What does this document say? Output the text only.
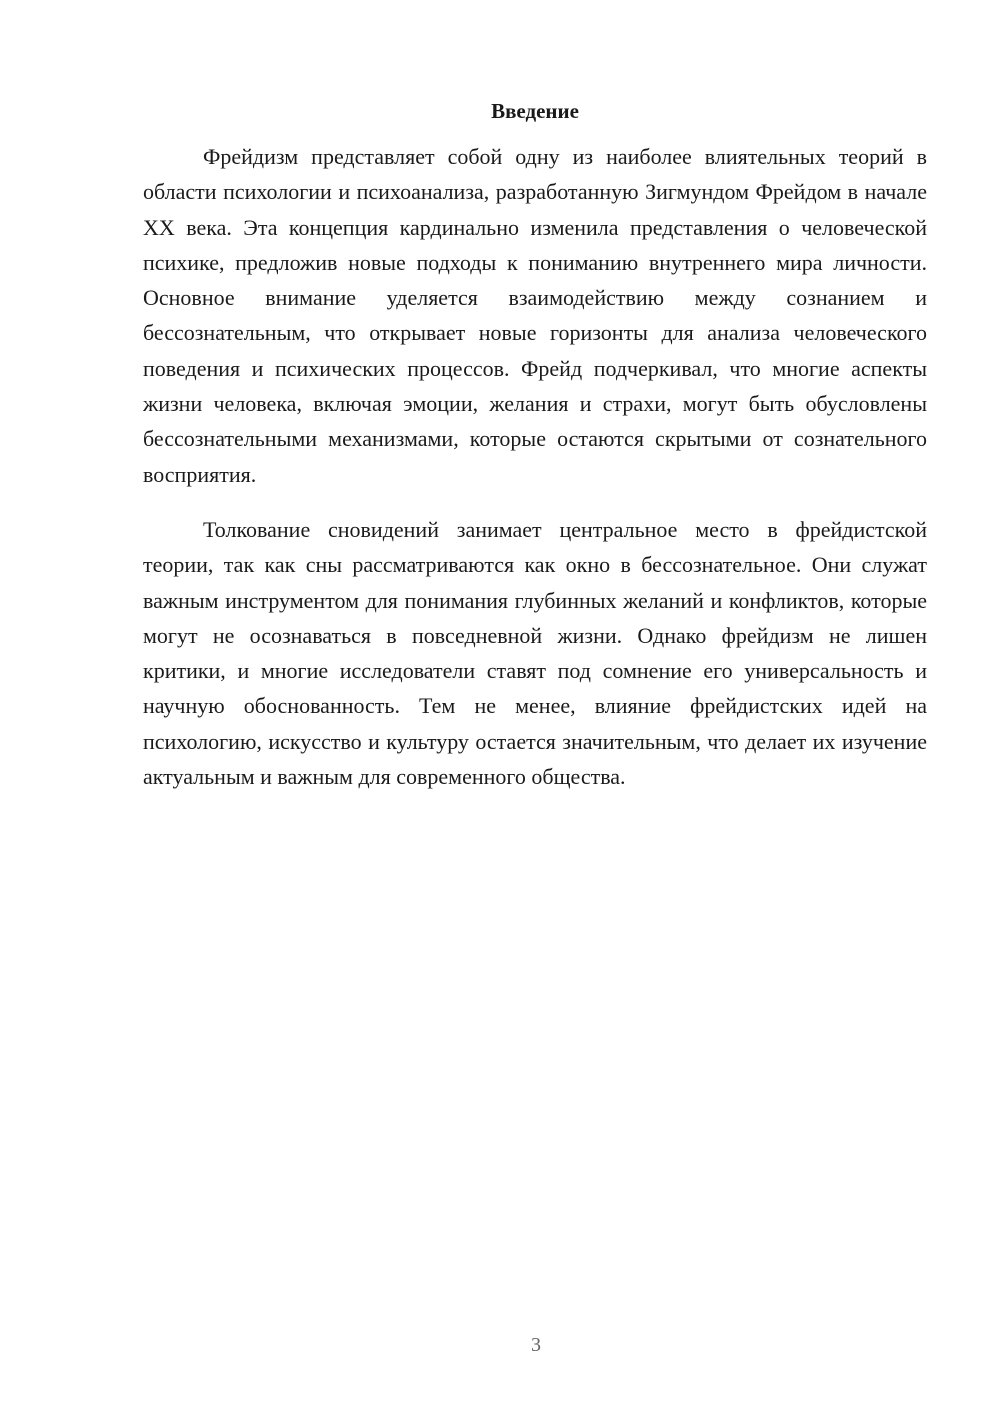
Введение

Фрейдизм представляет собой одну из наиболее влиятельных теорий в области психологии и психоанализа, разработанную Зигмундом Фрейдом в начале XX века. Эта концепция кардинально изменила представления о человеческой психике, предложив новые подходы к пониманию внутреннего мира личности. Основное внимание уделяется взаимодействию между сознанием и бессознательным, что открывает новые горизонты для анализа человеческого поведения и психических процессов. Фрейд подчеркивал, что многие аспекты жизни человека, включая эмоции, желания и страхи, могут быть обусловлены бессознательными механизмами, которые остаются скрытыми от сознательного восприятия.

Толкование сновидений занимает центральное место в фрейдистской теории, так как сны рассматриваются как окно в бессознательное. Они служат важным инструментом для понимания глубинных желаний и конфликтов, которые могут не осознаваться в повседневной жизни. Однако фрейдизм не лишен критики, и многие исследователи ставят под сомнение его универсальность и научную обоснованность. Тем не менее, влияние фрейдистских идей на психологию, искусство и культуру остается значительным, что делает их изучение актуальным и важным для современного общества.

3
